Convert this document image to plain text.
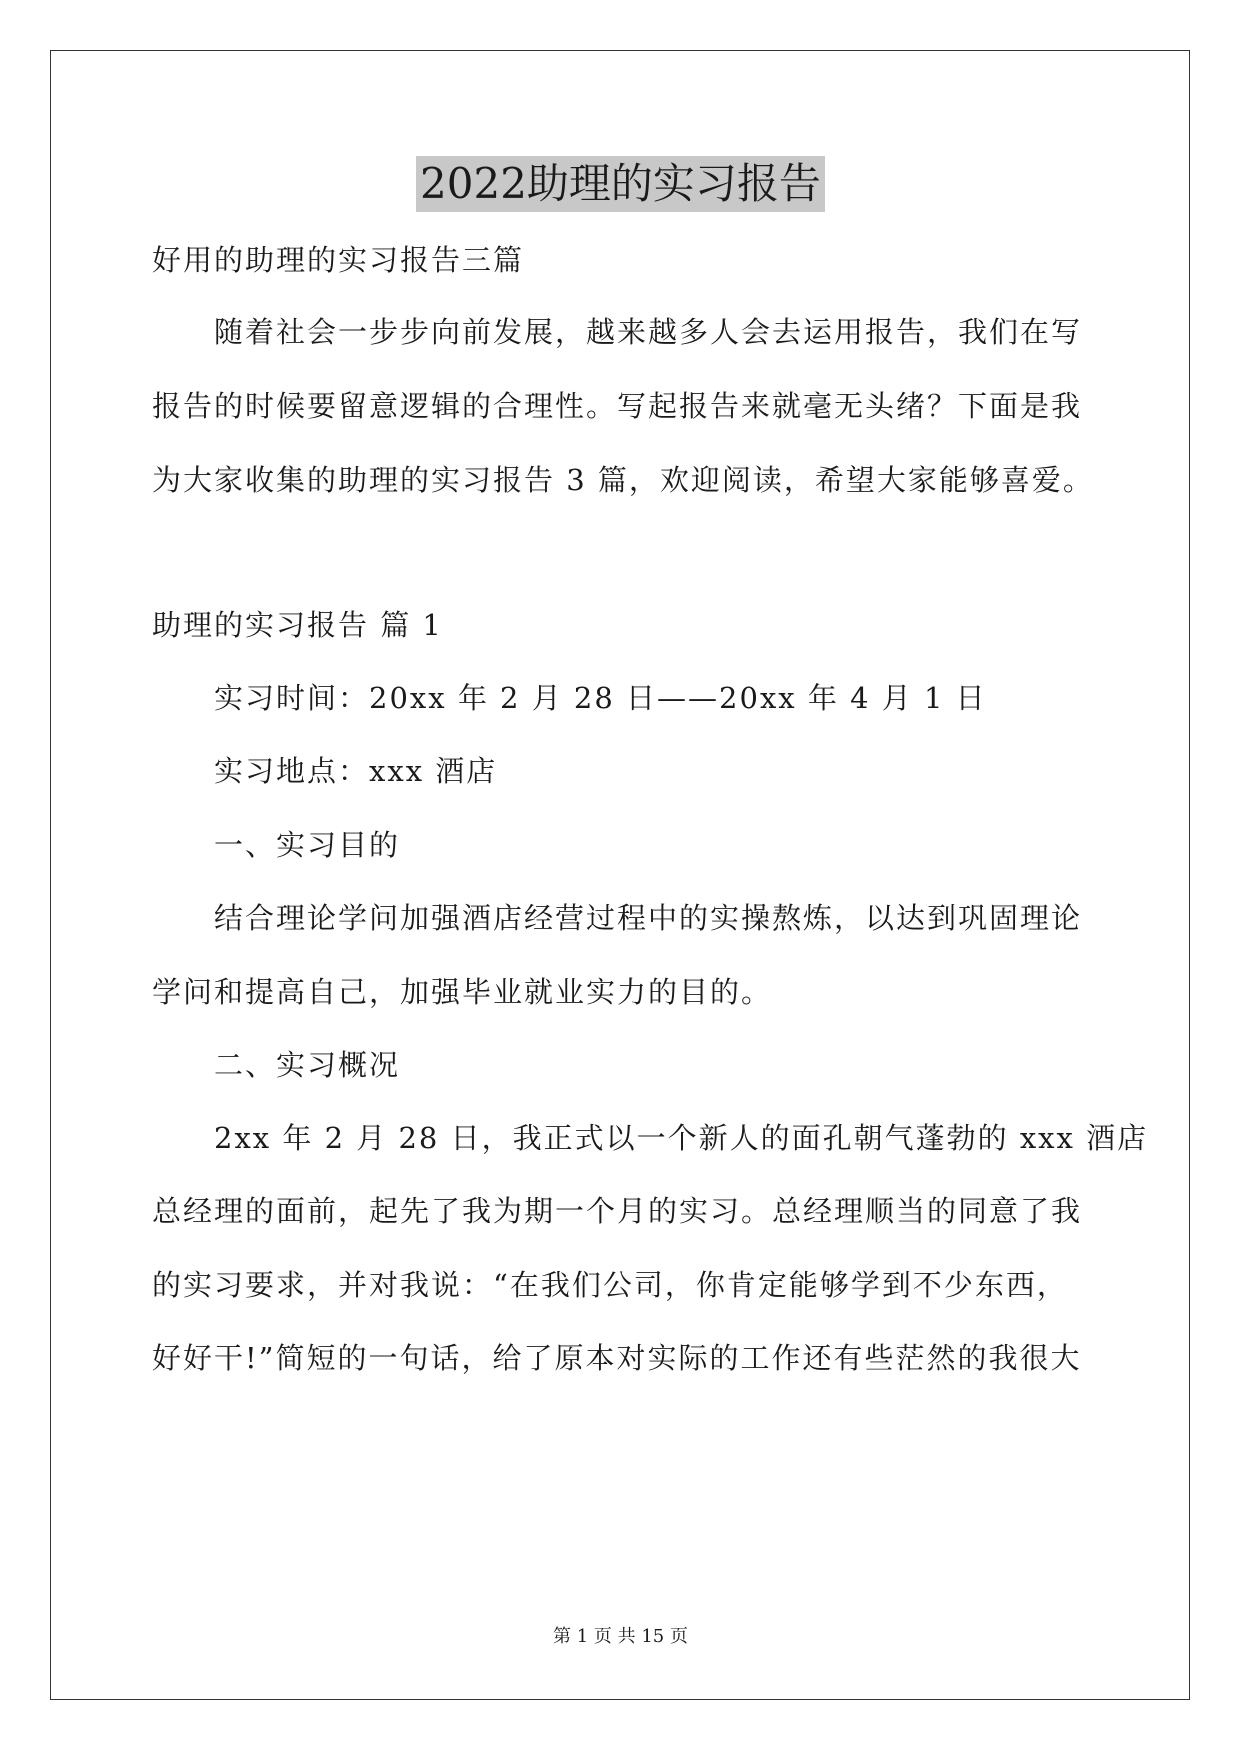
2022助理的实习报告
好用的助理的实习报告三篇
随着社会一步步向前发展，越来越多人会去运用报告，我们在写
报告的时候要留意逻辑的合理性。写起报告来就毫无头绪？下面是我
为大家收集的助理的实习报告 3 篇，欢迎阅读，希望大家能够喜爱。
助理的实习报告 篇 1
实习时间：20xx 年 2 月 28 日——20xx 年 4 月 1 日
实习地点：xxx 酒店
一、实习目的
结合理论学问加强酒店经营过程中的实操熬炼，以达到巩固理论
学问和提高自己，加强毕业就业实力的目的。
二、实习概况
2xx 年 2 月 28 日，我正式以一个新人的面孔朝气蓬勃的 xxx 酒店
总经理的面前，起先了我为期一个月的实习。总经理顺当的同意了我
的实习要求，并对我说：“在我们公司，你肯定能够学到不少东西，
好好干!”简短的一句话，给了原本对实际的工作还有些茫然的我很大
第 1 页 共 15 页
